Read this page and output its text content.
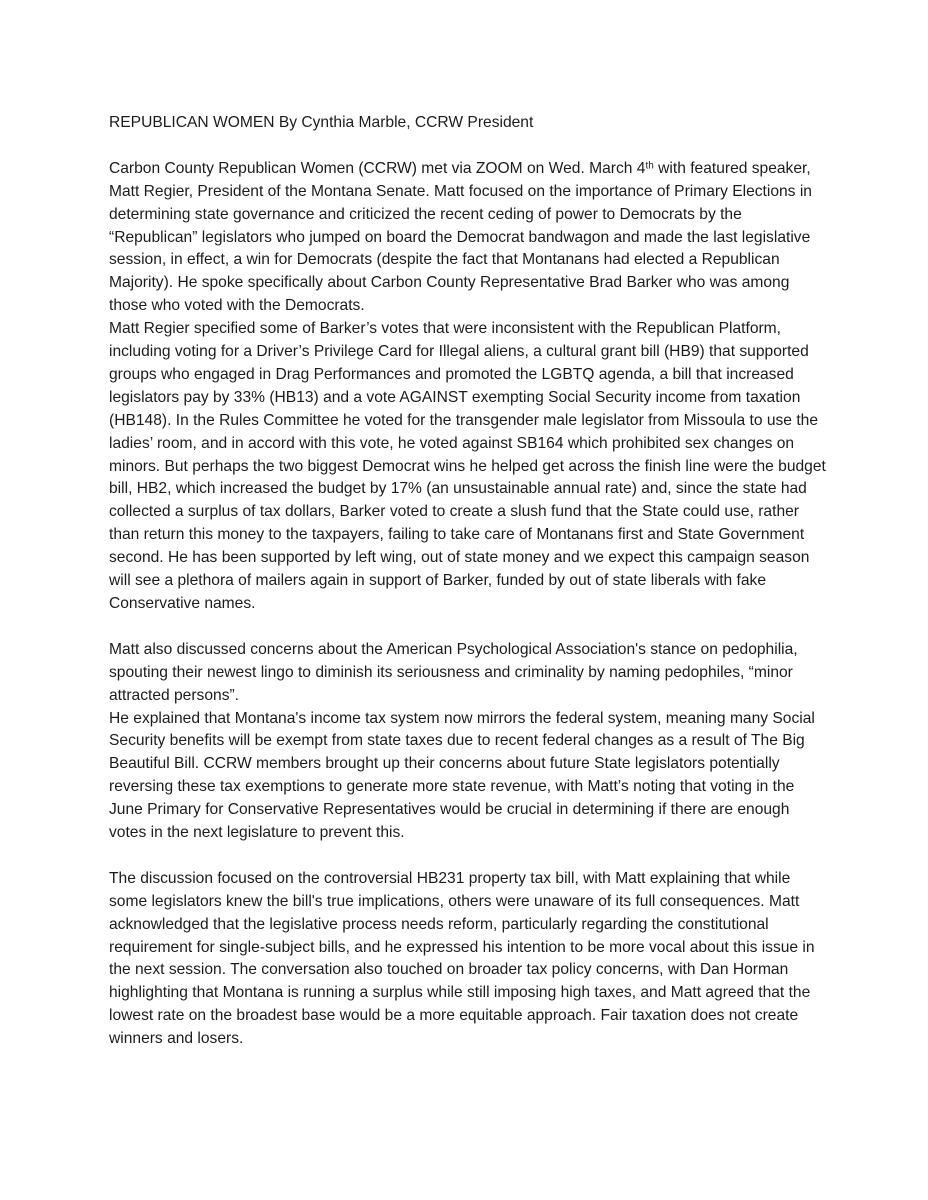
REPUBLICAN WOMEN By Cynthia Marble, CCRW President

Carbon County Republican Women (CCRW) met via ZOOM on Wed. March 4th with featured speaker, Matt Regier, President of the Montana Senate. Matt focused on the importance of Primary Elections in determining state governance and criticized the recent ceding of power to Democrats by the “Republican” legislators who jumped on board the Democrat bandwagon and made the last legislative session, in effect, a win for Democrats (despite the fact that Montanans had elected a Republican Majority). He spoke specifically about Carbon County Representative Brad Barker who was among those who voted with the Democrats.

Matt Regier specified some of Barker’s votes that were inconsistent with the Republican Platform, including voting for a Driver’s Privilege Card for Illegal aliens, a cultural grant bill (HB9) that supported groups who engaged in Drag Performances and promoted the LGBTQ agenda, a bill that increased legislators pay by 33% (HB13) and a vote AGAINST exempting Social Security income from taxation (HB148). In the Rules Committee he voted for the transgender male legislator from Missoula to use the ladies’ room, and in accord with this vote, he voted against SB164 which prohibited sex changes on minors. But perhaps the two biggest Democrat wins he helped get across the finish line were the budget bill, HB2, which increased the budget by 17% (an unsustainable annual rate) and, since the state had collected a surplus of tax dollars, Barker voted to create a slush fund that the State could use, rather than return this money to the taxpayers, failing to take care of Montanans first and State Government second. He has been supported by left wing, out of state money and we expect this campaign season will see a plethora of mailers again in support of Barker, funded by out of state liberals with fake Conservative names.

Matt also discussed concerns about the American Psychological Association's stance on pedophilia, spouting their newest lingo to diminish its seriousness and criminality by naming pedophiles, “minor attracted persons”.

He explained that Montana's income tax system now mirrors the federal system, meaning many Social Security benefits will be exempt from state taxes due to recent federal changes as a result of The Big Beautiful Bill. CCRW members brought up their concerns about future State legislators potentially reversing these tax exemptions to generate more state revenue, with Matt’s noting that voting in the June Primary for Conservative Representatives would be crucial in determining if there are enough votes in the next legislature to prevent this.

The discussion focused on the controversial HB231 property tax bill, with Matt explaining that while some legislators knew the bill's true implications, others were unaware of its full consequences. Matt acknowledged that the legislative process needs reform, particularly regarding the constitutional requirement for single-subject bills, and he expressed his intention to be more vocal about this issue in the next session. The conversation also touched on broader tax policy concerns, with Dan Horman highlighting that Montana is running a surplus while still imposing high taxes, and Matt agreed that the lowest rate on the broadest base would be a more equitable approach. Fair taxation does not create winners and losers.
